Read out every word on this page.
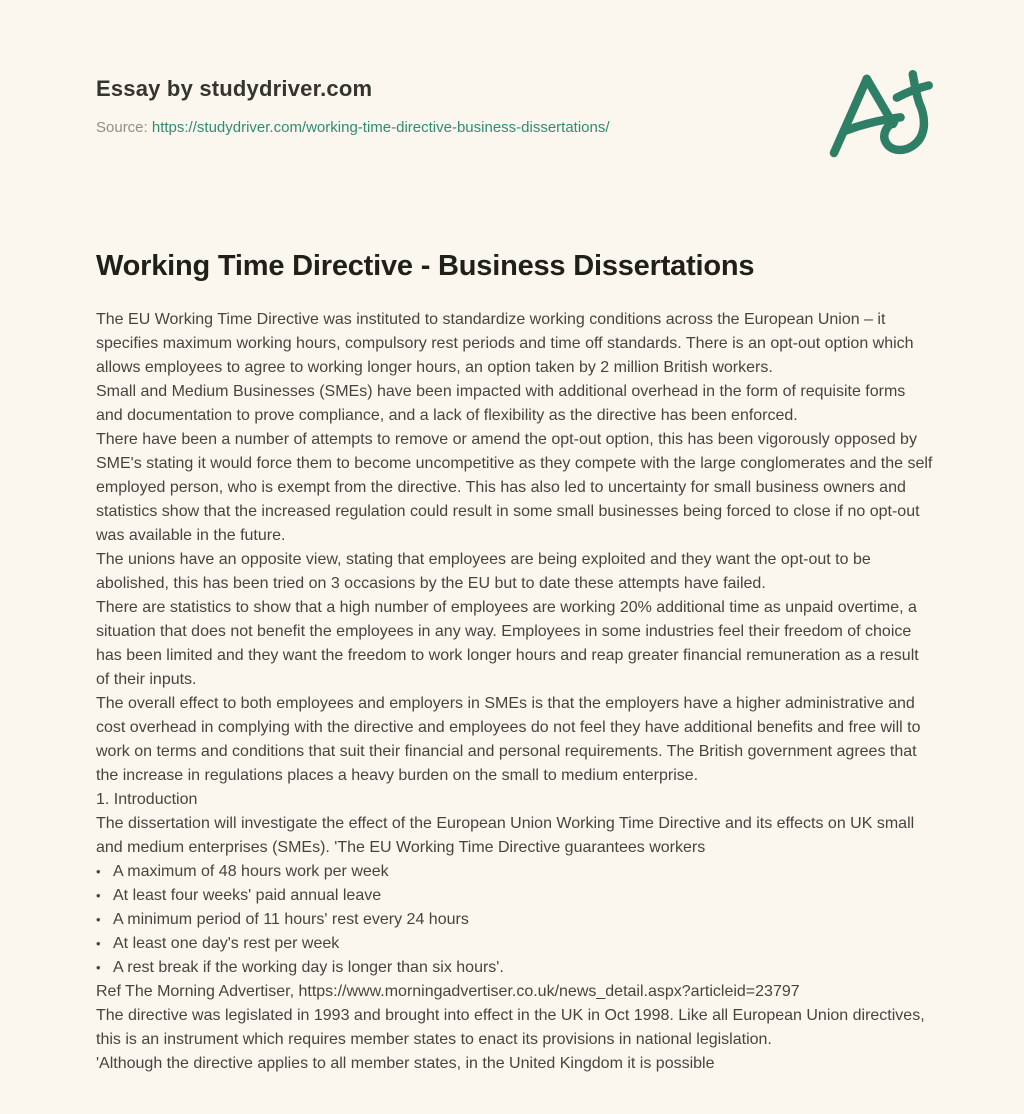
Essay by studydriver.com
Source: https://studydriver.com/working-time-directive-business-dissertations/
Working Time Directive - Business Dissertations

The EU Working Time Directive was instituted to standardize working conditions across the European Union – it specifies maximum working hours, compulsory rest periods and time off standards. There is an opt-out option which allows employees to agree to working longer hours, an option taken by 2 million British workers.

Small and Medium Businesses (SMEs) have been impacted with additional overhead in the form of requisite forms and documentation to prove compliance, and a lack of flexibility as the directive has been enforced.

There have been a number of attempts to remove or amend the opt-out option, this has been vigorously opposed by SME's stating it would force them to become uncompetitive as they compete with the large conglomerates and the self employed person, who is exempt from the directive. This has also led to uncertainty for small business owners and statistics show that the increased regulation could result in some small businesses being forced to close if no opt-out was available in the future.

The unions have an opposite view, stating that employees are being exploited and they want the opt-out to be abolished, this has been tried on 3 occasions by the EU but to date these attempts have failed.

There are statistics to show that a high number of employees are working 20% additional time as unpaid overtime, a situation that does not benefit the employees in any way. Employees in some industries feel their freedom of choice has been limited and they want the freedom to work longer hours and reap greater financial remuneration as a result of their inputs.

The overall effect to both employees and employers in SMEs is that the employers have a higher administrative and cost overhead in complying with the directive and employees do not feel they have additional benefits and free will to work on terms and conditions that suit their financial and personal requirements. The British government agrees that the increase in regulations places a heavy burden on the small to medium enterprise.

1. Introduction

The dissertation will investigate the effect of the European Union Working Time Directive and its effects on UK small and medium enterprises (SMEs). 'The EU Working Time Directive guarantees workers

• A maximum of 48 hours work per week
• At least four weeks' paid annual leave
• A minimum period of 11 hours' rest every 24 hours
• At least one day's rest per week
• A rest break if the working day is longer than six hours'.

Ref The Morning Advertiser, https://www.morningadvertiser.co.uk/news_detail.aspx?articleid=23797

The directive was legislated in 1993 and brought into effect in the UK in Oct 1998. Like all European Union directives, this is an instrument which requires member states to enact its provisions in national legislation.

'Although the directive applies to all member states, in the United Kingdom it is possible
